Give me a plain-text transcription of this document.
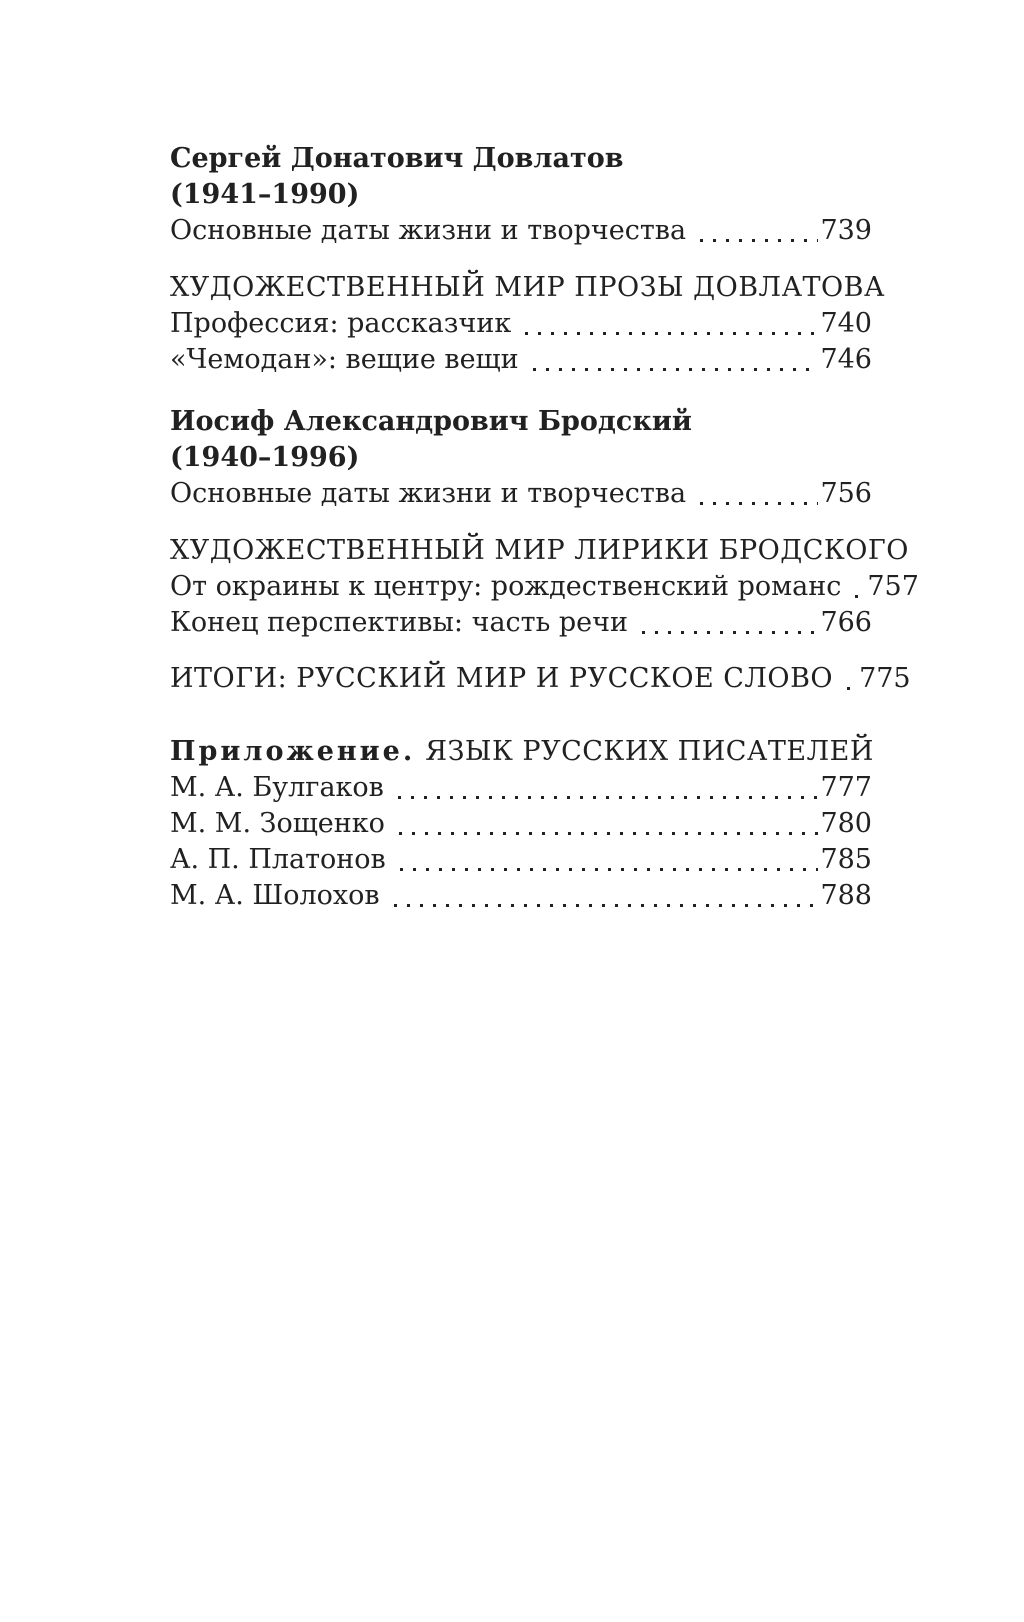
Сергей Донатович Довлатов
(1941–1990)
Основные даты жизни и творчества	739
ХУДОЖЕСТВЕННЫЙ МИР ПРОЗЫ ДОВЛАТОВА
Профессия: рассказчик	740
«Чемодан»: вещие вещи	746
Иосиф Александрович Бродский
(1940–1996)
Основные даты жизни и творчества	756
ХУДОЖЕСТВЕННЫЙ МИР ЛИРИКИ БРОДСКОГО
От окраины к центру: рождественский романс 757
Конец перспективы: часть речи	766
ИТОГИ: РУССКИЙ МИР И РУССКОЕ СЛОВО 775
Приложение. ЯЗЫК РУССКИХ ПИСАТЕЛЕЙ
М. А. Булгаков	777
М. М. Зощенко	780
А. П. Платонов	785
М. А. Шолохов	788
